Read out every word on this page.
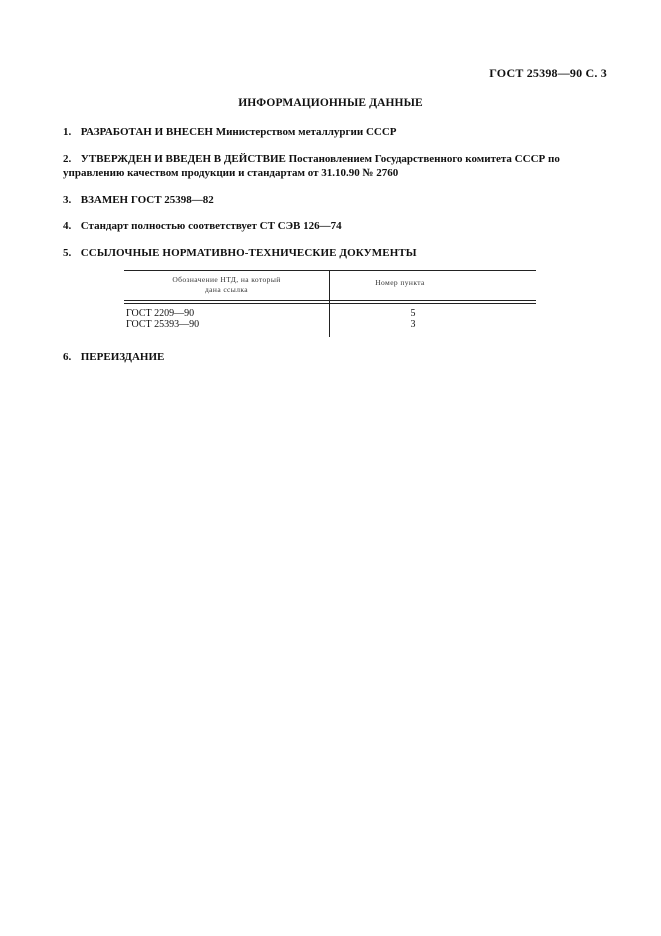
ГОСТ 25398—90 С. 3
ИНФОРМАЦИОННЫЕ ДАННЫЕ
1. РАЗРАБОТАН И ВНЕСЕН Министерством металлургии СССР
2. УТВЕРЖДЕН И ВВЕДЕН В ДЕЙСТВИЕ Постановлением Государственного комитета СССР по
управлению качеством продукции и стандартам от 31.10.90 № 2760
3. ВЗАМЕН ГОСТ 25398—82
4. Стандарт полностью соответствует СТ СЭВ 126—74
5. ССЫЛОЧНЫЕ НОРМАТИВНО-ТЕХНИЧЕСКИЕ ДОКУМЕНТЫ
Обозначение НТД, на который
дана ссылка
Номер пункта
ГОСТ 2209—90	5
ГОСТ 25393—90	3
6. ПЕРЕИЗДАНИЕ
